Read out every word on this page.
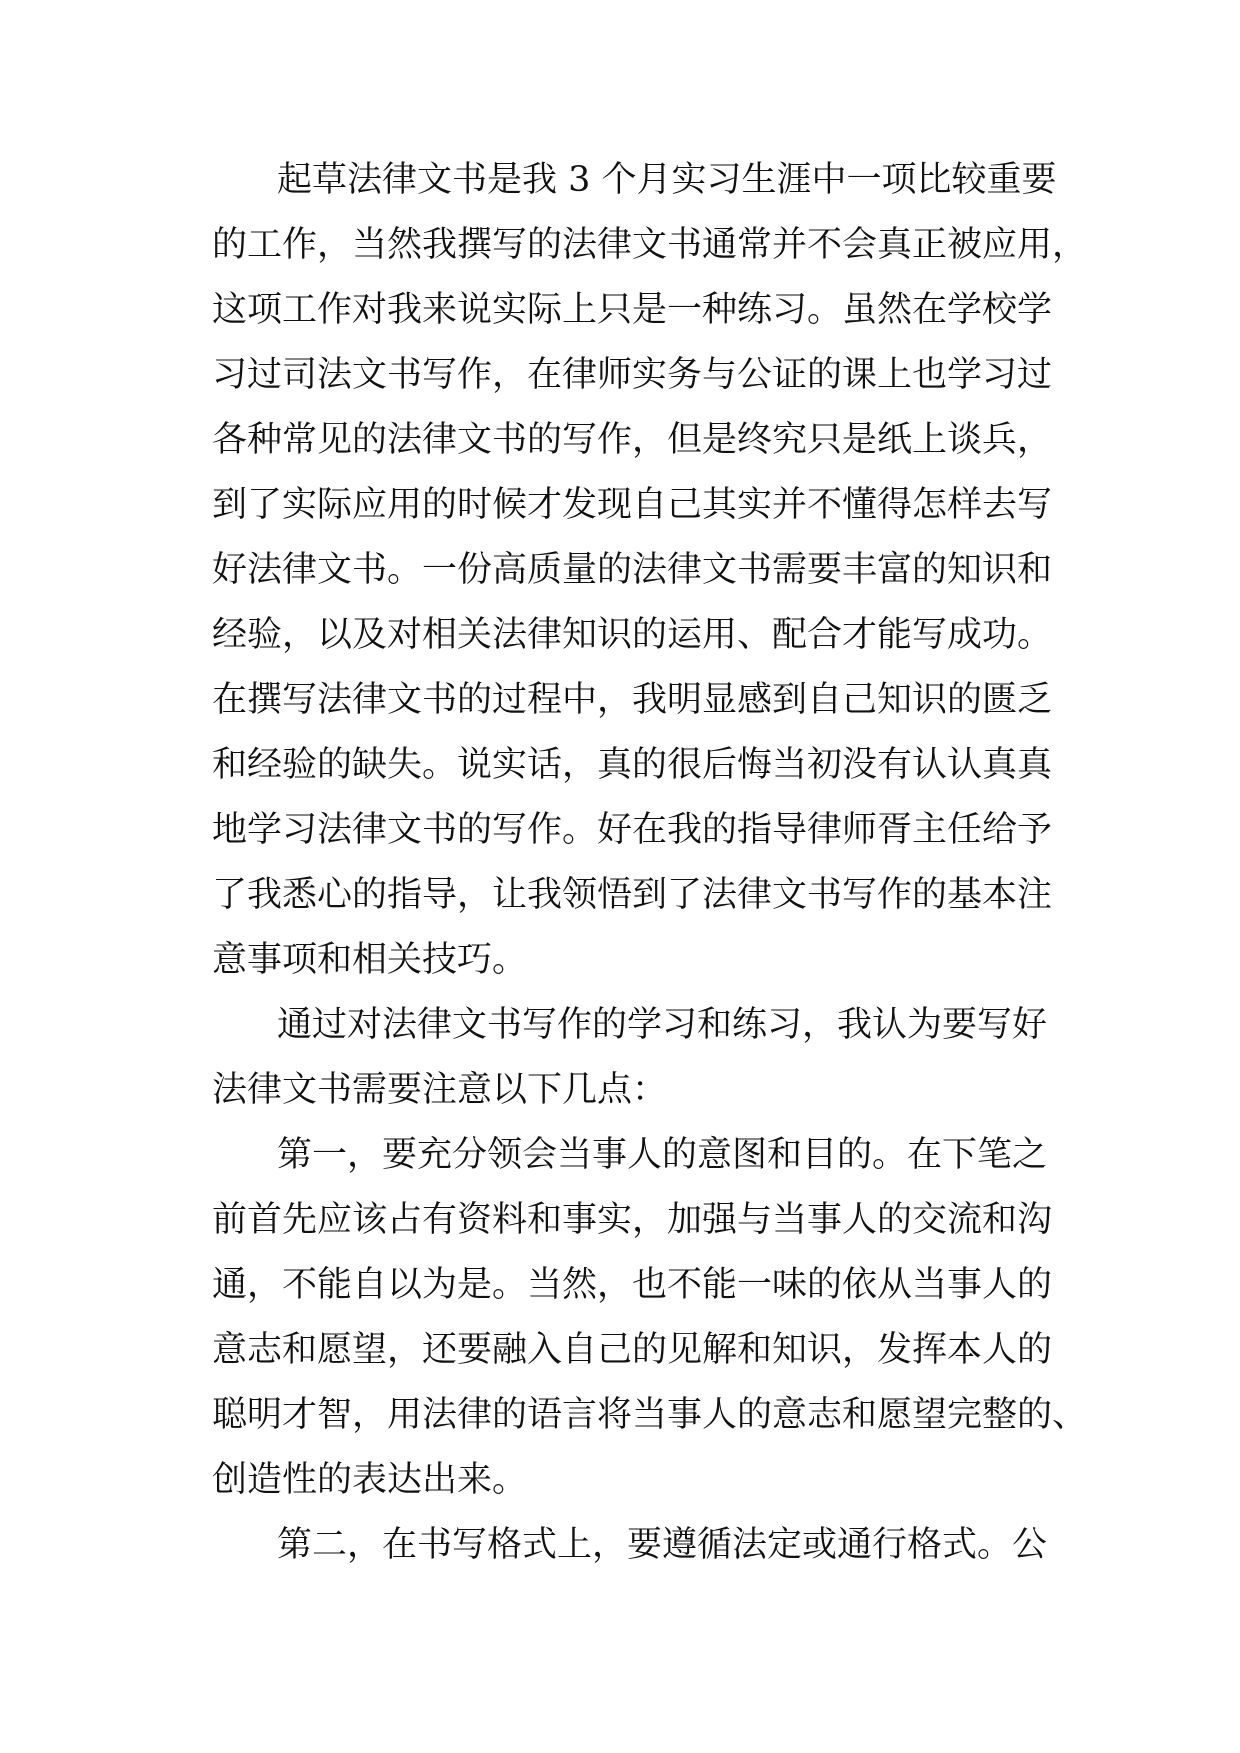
起草法律文书是我 3 个月实习生涯中一项比较重要
的工作，当然我撰写的法律文书通常并不会真正被应用，
这项工作对我来说实际上只是一种练习。虽然在学校学
习过司法文书写作，在律师实务与公证的课上也学习过
各种常见的法律文书的写作，但是终究只是纸上谈兵，
到了实际应用的时候才发现自己其实并不懂得怎样去写
好法律文书。一份高质量的法律文书需要丰富的知识和
经验，以及对相关法律知识的运用、配合才能写成功。
在撰写法律文书的过程中，我明显感到自己知识的匮乏
和经验的缺失。说实话，真的很后悔当初没有认认真真
地学习法律文书的写作。好在我的指导律师胥主任给予
了我悉心的指导，让我领悟到了法律文书写作的基本注
意事项和相关技巧。
通过对法律文书写作的学习和练习，我认为要写好
法律文书需要注意以下几点：
第一，要充分领会当事人的意图和目的。在下笔之
前首先应该占有资料和事实，加强与当事人的交流和沟
通，不能自以为是。当然，也不能一味的依从当事人的
意志和愿望，还要融入自己的见解和知识，发挥本人的
聪明才智，用法律的语言将当事人的意志和愿望完整的、
创造性的表达出来。
第二，在书写格式上，要遵循法定或通行格式。公
